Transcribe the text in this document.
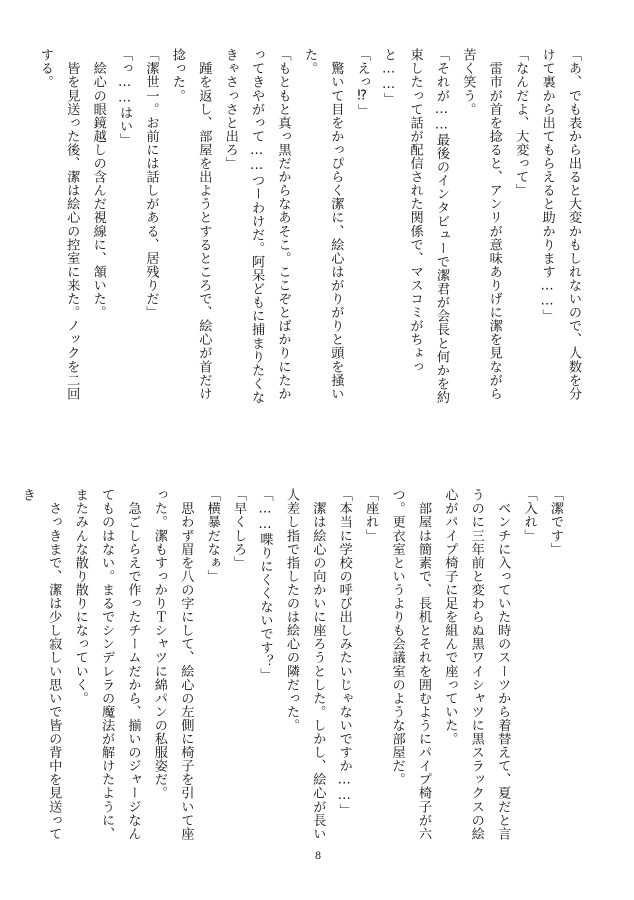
「あ、でも表から出ると大変かもしれないので、人数を分けて裏から出てもらえると助かります……」

「なんだよ、大変って」

　雷市が首を捻ると、アンリが意味ありげに潔を見ながら苦く笑う。

「それが……最後のインタビューで潔君が会長と何かを約束したって話が配信された関係で、マスコミがちょっと……」

「えっ⁉」

　驚いて目をかっぴらく潔に、絵心はがりがりと頭を掻いた。

「もともと真っ黒だからなあそこ。ここぞとばかりにたかってきやがって……つーわけだ。阿呆どもに捕まりたくなきゃさっさと出ろ」

　踵を返し、部屋を出ようとするところで、絵心が首だけ捻った。

「潔世一。お前には話しがある、居残りだ」

「っ……はい」

　絵心の眼鏡越しの含んだ視線に、頷いた。

　皆を見送った後、潔は絵心の控室に来た。ノックを二回する。

「潔です」

「入れ」

　ベンチに入っていた時のスーツから着替えて、夏だと言うのに三年前と変わらぬ黒ワイシャツに黒スラックスの絵心がパイプ椅子に足を組んで座っていた。

　部屋は簡素で、長机とそれを囲むようにパイプ椅子が六つ。更衣室というよりも会議室のような部屋だ。

「座れ」

「本当に学校の呼び出しみたいじゃないですか……」

　潔は絵心の向かいに座ろうとした。しかし、絵心が長い人差し指で指したのは絵心の隣だった。

「……喋りにくくないです？」

「早くしろ」

「横暴だなぁ」

　思わず眉を八の字にして、絵心の左側に椅子を引いて座った。潔もすっかりＴシャツに綿パンの私服姿だ。

　急ごしらえで作ったチームだから、揃いのジャージなんてものはない。まるでシンデレラの魔法が解けたように、またみんな散り散りになっていく。

　さっきまで、潔は少し寂しい思いで皆の背中を見送ってき

8
